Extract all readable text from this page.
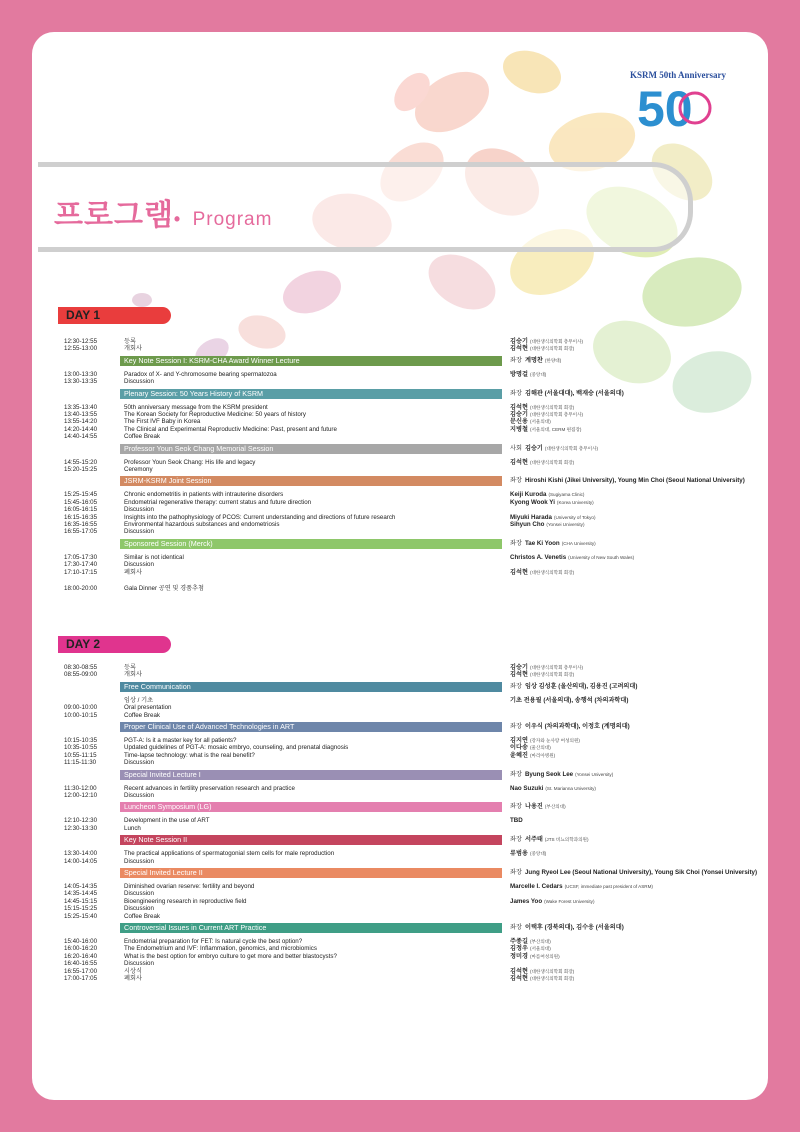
KSRM 50th Anniversary
50
프로그램• Program
DAY 1
12:30-12:55	등록	김승기 (대한생식의학회 총무이사)
12:55-13:00	개회사	김석현 (대한생식의학회 회장)
Key Note Session I: KSRM-CHA Award Winner Lecture	좌장 계명찬 (한양대)
13:00-13:30	Paradox of X- and Y-chromosome bearing spermatozoa	방명걸 (중앙대)
13:30-13:35	Discussion
Plenary Session: 50 Years History of KSRM	좌장 김해관 (서울대대), 백재승 (서울의대)
13:35-13:40	50th anniversary message from the KSRM president	김석현 (대한생식의학회 회장)
13:40-13:55	The Korean Society for Reproductive Medicine: 50 years of history	김승기 (대한생식의학회 총무이사)
13:55-14:20	The First IVF Baby in Korea	문신용 (서울의대)
14:20-14:40	The Clinical and Experimental Reproductiv Medicine: Past, present and future	지병철 (서울의대, CERM 편집장)
14:40-14:55	Coffee Break
Professor Youn Seok Chang Memorial Session	사회 김승기 (대한생식의학회 총무이사)
14:55-15:20	Professor Youn Seok Chang: His life and legacy	김석현 (대한생식의학회 회장)
15:20-15:25	Ceremony
JSRM-KSRM Joint Session	좌장 Hiroshi Kishi (Jikei University), Young Min Choi (Seoul National University)
15:25-15:45	Chronic endometritis in patients with intrauterine disorders	Keiji Kuroda (Sugiyama Clinic)
15:45-16:05	Endometrial regenerative therapy: current status and future direction	Kyong Wook Yi (Korea University)
16:05-16:15	Discussion
16:15-16:35	Insights into the pathophysiology of PCOS: Current understanding and directions of future research	Miyuki Harada (University of Tokyo)
16:35-16:55	Environmental hazardous substances and endometriosis	Sihyun Cho (Yonsei University)
16:55-17:05	Discussion
Sponsored Session (Merck)	좌장 Tae Ki Yoon (CHA University)
17:05-17:30	Similar is not identical	Christos A. Venetis (University of New South Wales)
17:30-17:40	Discussion
17:10-17:15	폐회사	김석현 (대한생식의학회 회장)
18:00-20:00	Gala Dinner 공연 및 경품추첨
DAY 2
08:30-08:55	등록	김승기 (대한생식의학회 총무이사)
08:55-09:00	개회사	김석현 (대한생식의학회 회장)
Free Communication	좌장 임상 김성훈 (울산의대), 김용진 (고려의대)
임상 / 기초	기초 전용필 (서울의대), 송행석 (차의과학대)
09:00-10:00	Oral presentation
10:00-10:15	Coffee Break
Proper Clinical Use of Advanced Technologies in ART	좌장 이우식 (차의과학대), 이정호 (계명의대)
10:15-10:35	PGT-A: Is it a master key for all patients?	김지연 (강자와 눈사랑 여성의원)
10:35-10:55	Updated guidelines of PGT-A: mosaic embryo, counseling, and prenatal diagnosis	이다송 (울산의대)
10:55-11:15	Time-lapse technology: what is the real benefit?	윤혜진 (마리아병원)
11:15-11:30	Discussion
Special Invited Lecture I	좌장 Byung Seok Lee (Yonsei University)
11:30-12:00	Recent advances in fertility preservation research and practice	Nao Suzuki (St. Marianna University)
12:00-12:10	Discussion
Luncheon Symposium (LG)	좌장 나용진 (부산의대)
12:10-12:30	Development in the use of ART	TBD
12:30-13:30	Lunch
Key Note Session II	좌장 서주태 (JTS 비뇨의학과의원)
13:30-14:00	The practical applications of spermatogonial stem cells for male reproduction	류범용 (중앙대)
14:00-14:05	Discussion
Special Invited Lecture II	좌장 Jung Ryeol Lee (Seoul National University), Young Sik Choi (Yonsei University)
14:05-14:35	Diminished ovarian reserve: fertility and beyond	Marcelle I. Cedars (UCSF, immediate past president of ASRM)
14:35-14:45	Discussion
14:45-15:15	Bioengineering research in reproductive field	James Yoo (Wake Forest University)
15:15-15:25	Discussion
15:25-15:40	Coffee Break
Controversial Issues in Current ART Practice	좌장 이택후 (경북의대), 김수응 (서울의대)
15:40-16:00	Endometrial preparation for FET: Is natural cycle the best option?	주종길 (부산의대)
16:00-16:20	The Endometrium and IVF: Inflammation, genomics, and microbiomics	김정우 (서울의대)
16:20-16:40	What is the best option for embryo culture to get more and better blastocysts?	정미경 (마를여성의원)
16:40-16:55	Discussion
16:55-17:00	시상식	김석현 (대한생식의학회 회장)
17:00-17:05	폐회사	김석현 (대한생식의학회 회장)
